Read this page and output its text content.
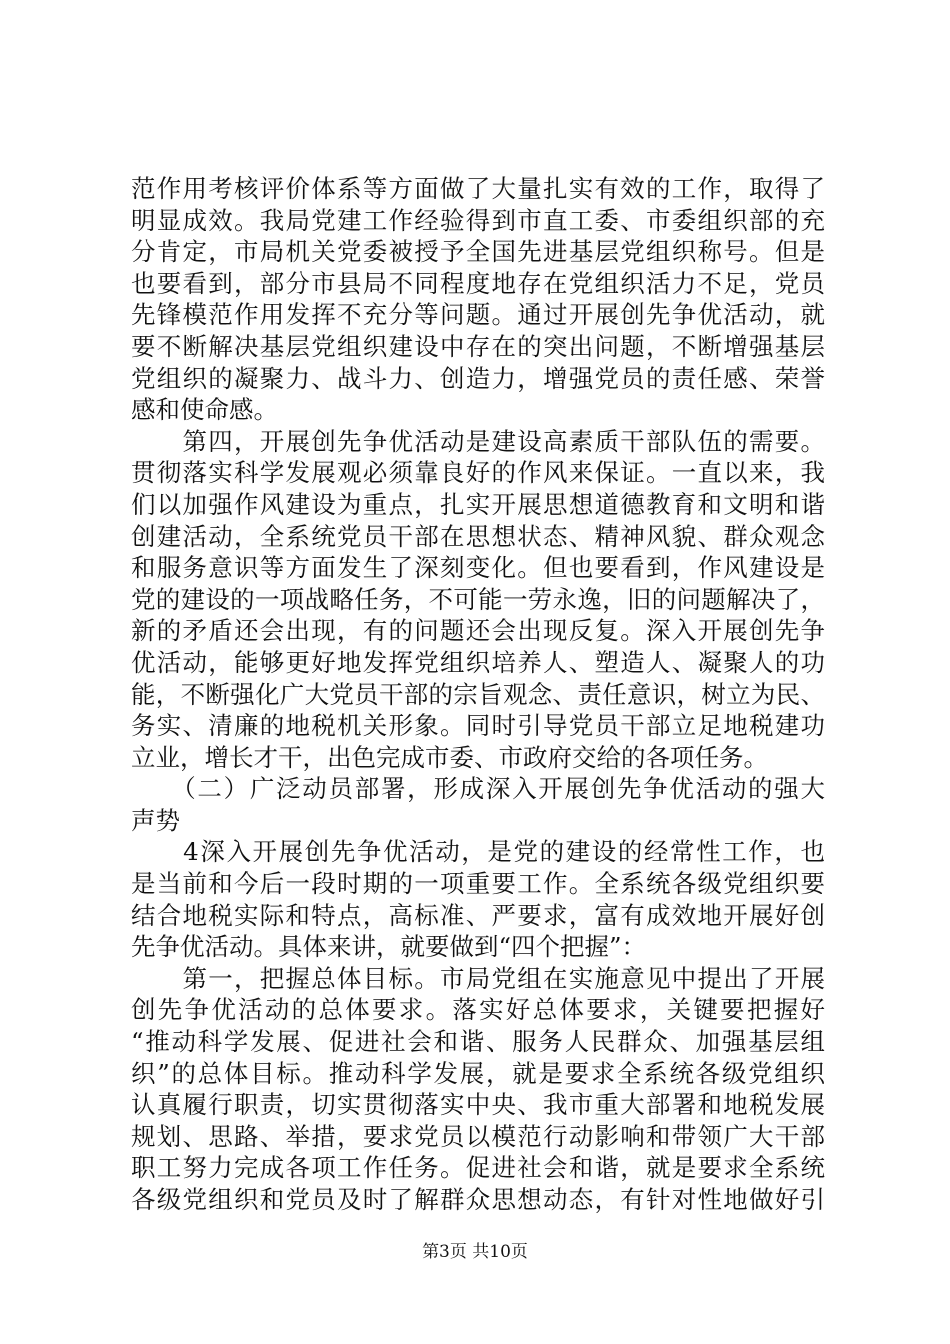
范作用考核评价体系等方面做了大量扎实有效的工作，取得了
明显成效。我局党建工作经验得到市直工委、市委组织部的充
分肯定，市局机关党委被授予全国先进基层党组织称号。但是
也要看到，部分市县局不同程度地存在党组织活力不足，党员
先锋模范作用发挥不充分等问题。通过开展创先争优活动，就
要不断解决基层党组织建设中存在的突出问题，不断增强基层
党组织的凝聚力、战斗力、创造力，增强党员的责任感、荣誉
感和使命感。
　　第四，开展创先争优活动是建设高素质干部队伍的需要。
贯彻落实科学发展观必须靠良好的作风来保证。一直以来，我
们以加强作风建设为重点，扎实开展思想道德教育和文明和谐
创建活动，全系统党员干部在思想状态、精神风貌、群众观念
和服务意识等方面发生了深刻变化。但也要看到，作风建设是
党的建设的一项战略任务，不可能一劳永逸，旧的问题解决了，
新的矛盾还会出现，有的问题还会出现反复。深入开展创先争
优活动，能够更好地发挥党组织培养人、塑造人、凝聚人的功
能，不断强化广大党员干部的宗旨观念、责任意识，树立为民、
务实、清廉的地税机关形象。同时引导党员干部立足地税建功
立业，增长才干，出色完成市委、市政府交给的各项任务。
　　（二）广泛动员部署，形成深入开展创先争优活动的强大
声势
　　4深入开展创先争优活动，是党的建设的经常性工作，也
是当前和今后一段时期的一项重要工作。全系统各级党组织要
结合地税实际和特点，高标准、严要求，富有成效地开展好创
先争优活动。具体来讲，就要做到“四个把握”：
　　第一，把握总体目标。市局党组在实施意见中提出了开展
创先争优活动的总体要求。落实好总体要求，关键要把握好
“推动科学发展、促进社会和谐、服务人民群众、加强基层组
织”的总体目标。推动科学发展，就是要求全系统各级党组织
认真履行职责，切实贯彻落实中央、我市重大部署和地税发展
规划、思路、举措，要求党员以模范行动影响和带领广大干部
职工努力完成各项工作任务。促进社会和谐，就是要求全系统
各级党组织和党员及时了解群众思想动态，有针对性地做好引
第3页 共10页
